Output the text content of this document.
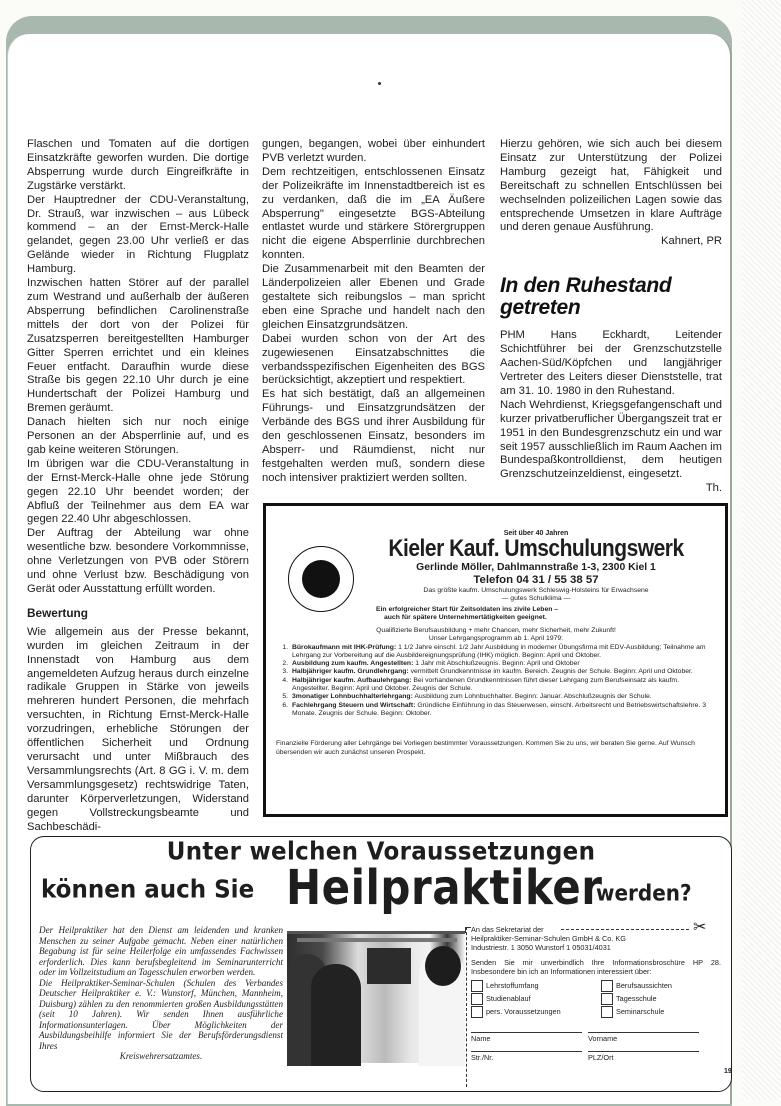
Flaschen und Tomaten auf die dortigen Einsatzkräfte geworfen wurden. Die dortige Absperrung wurde durch Eingreifkräfte in Zugstärke verstärkt.

Der Hauptredner der CDU-Veranstaltung, Dr. Strauß, war inzwischen – aus Lübeck kommend – an der Ernst-Merck-Halle gelandet, gegen 23.00 Uhr verließ er das Gelände wieder in Richtung Flugplatz Hamburg.

Inzwischen hatten Störer auf der parallel zum Westrand und außerhalb der äußeren Absperrung befindlichen Carolinenstraße mittels der dort von der Polizei für Zusatzsperren bereitgestellten Hamburger Gitter Sperren errichtet und ein kleines Feuer entfacht. Daraufhin wurde diese Straße bis gegen 22.10 Uhr durch je eine Hundertschaft der Polizei Hamburg und Bremen geräumt.

Danach hielten sich nur noch einige Personen an der Absperrlinie auf, und es gab keine weiteren Störungen.

Im übrigen war die CDU-Veranstaltung in der Ernst-Merck-Halle ohne jede Störung gegen 22.10 Uhr beendet worden; der Abfluß der Teilnehmer aus dem EA war gegen 22.40 Uhr abgeschlossen.

Der Auftrag der Abteilung war ohne wesentliche bzw. besondere Vorkommnisse, ohne Verletzungen von PVB oder Störern und ohne Verlust bzw. Beschädigung von Gerät oder Ausstattung erfüllt worden.

Bewertung

Wie allgemein aus der Presse bekannt, wurden im gleichen Zeitraum in der Innenstadt von Hamburg aus dem angemeldeten Aufzug heraus durch einzelne radikale Gruppen in Stärke von jeweils mehreren hundert Personen, die mehrfach versuchten, in Richtung Ernst-Merck-Halle vorzudringen, erhebliche Störungen der öffentlichen Sicherheit und Ordnung verursacht und unter Mißbrauch des Versammlungsrechts (Art. 8 GG i. V. m. dem Versammlungsgesetz) rechtswidrige Taten, darunter Körperverletzungen, Widerstand gegen Vollstreckungsbeamte und Sachbeschädi-

gungen, begangen, wobei über einhundert PVB verletzt wurden.

Dem rechtzeitigen, entschlossenen Einsatz der Polizeikräfte im Innenstadtbereich ist es zu verdanken, daß die im „EA Äußere Absperrung" eingesetzte BGS-Abteilung entlastet wurde und stärkere Störergruppen nicht die eigene Absperrlinie durchbrechen konnten.

Die Zusammenarbeit mit den Beamten der Länderpolizeien aller Ebenen und Grade gestaltete sich reibungslos – man spricht eben eine Sprache und handelt nach den gleichen Einsatzgrundsätzen.

Dabei wurden schon von der Art des zugewiesenen Einsatzabschnittes die verbandsspezifischen Eigenheiten des BGS berücksichtigt, akzeptiert und respektiert.

Es hat sich bestätigt, daß an allgemeinen Führungs- und Einsatzgrundsätzen der Verbände des BGS und ihrer Ausbildung für den geschlossenen Einsatz, besonders im Absperr- und Räumdienst, nicht nur festgehalten werden muß, sondern diese noch intensiver praktiziert werden sollten.

Hierzu gehören, wie sich auch bei diesem Einsatz zur Unterstützung der Polizei Hamburg gezeigt hat, Fähigkeit und Bereitschaft zu schnellen Entschlüssen bei wechselnden polizeilichen Lagen sowie das entsprechende Umsetzen in klare Aufträge und deren genaue Ausführung.

Kahnert, PR

In den Ruhestand getreten

PHM Hans Eckhardt, Leitender Schichtführer bei der Grenzschutzstelle Aachen-Süd/Köpfchen und langjähriger Vertreter des Leiters dieser Dienststelle, trat am 31. 10. 1980 in den Ruhestand.

Nach Wehrdienst, Kriegsgefangenschaft und kurzer privatberuflicher Übergangszeit trat er 1951 in den Bundesgrenzschutz ein und war seit 1957 ausschließlich im Raum Aachen im Bundespaßkontrolldienst, dem heutigen Grenzschutzeinzeldienst, eingesetzt.

Th.

Seit über 40 Jahren
Kieler Kauf. Umschulungswerk
Gerlinde Möller, Dahlmannstraße 1-3, 2300 Kiel 1
Telefon 04 31 / 55 38 57
Das größte kaufm. Umschulungswerk Schleswig-Holsteins für Erwachsene
— gutes Schulklima —
Ein erfolgreicher Start für Zeitsoldaten ins zivile Leben –
auch für spätere Unternehmertätigkeiten geeignet.
Qualifizierte Berufsausbildung + mehr Chancen, mehr Sicherheit, mehr Zukunft!
Unser Lehrgangsprogramm ab 1. April 1979:
1. Bürokaufmann mit IHK-Prüfung: 1 1/2 Jahre einschl. 1/2 Jahr Ausbildung in moderner Übungsfirma mit EDV-Ausbildung; Teilnahme am Lehrgang zur Vorbereitung auf die Ausbildereignungsprüfung (IHK) möglich. Beginn: April und Oktober.
2. Ausbildung zum kaufm. Angestellten: 1 Jahr mit Abschlußzeugnis. Beginn: April und Oktober
3. Halbjähriger kaufm. Grundlehrgang: vermittelt Grundkenntnisse im kaufm. Bereich. Zeugnis der Schule. Beginn: April und Oktober.
4. Halbjähriger kaufm. Aufbaulehrgang: Bei vorhandenen Grundkenntnissen führt dieser Lehrgang zum Berufseinsatz als kaufm. Angestellter. Beginn: April und Oktober. Zeugnis der Schule.
5. 3monatiger Lohnbuchhalterlehrgang: Ausbildung zum Lohnbuchhalter. Beginn: Januar. Abschlußzeugnis der Schule.
6. Fachlehrgang Steuern und Wirtschaft: Gründliche Einführung in das Steuerwesen, einschl. Arbeitsrecht und Betriebswirtschaftslehre. 3 Monate. Zeugnis der Schule. Beginn: Oktober.
Finanzielle Förderung aller Lehrgänge bei Vorliegen bestimmter Voraussetzungen. Kommen Sie zu uns, wir beraten Sie gerne. Auf Wunsch übersenden wir auch zunächst unseren Prospekt.
Unter welchen Voraussetzungen
können auch Sie Heilpraktiker
werden?

Der Heilpraktiker hat den Dienst am leidenden und kranken Menschen zu seiner Aufgabe gemacht. Neben einer natürlichen Begabung ist für seine Heilerfolge ein umfassendes Fachwissen erforderlich. Dies kann berufsbegleitend im Seminarunterricht oder im Vollzeitstudium an Tagesschulen erworben werden.

Die Heilpraktiker-Seminar-Schulen (Schulen des Verbandes Deutscher Heilpraktiker e. V.: Wunstorf, München, Mannheim, Duisburg) zählen zu den renommierten großen Ausbildungsstätten (seit 10 Jahren). Wir senden Ihnen ausführliche Informationsunterlagen. Über Möglichkeiten der Ausbildungsbeihilfe informiert Sie der Berufsförderungsdienst Ihres

Kreiswehrersatzamtes.

✂

An das Sekretariat der

Heilpraktiker-Seminar-Schulen GmbH & Co. KG

Industriestr. 1 3050 Wunstorf 1 05031/4031

Senden Sie mir unverbindlich Ihre Informationsbroschüre HP 28. Insbesondere bin ich an Informationen interessiert über:

Lehrstoffumfang	Berufsaussichten
Studienablauf	Tagesschule
pers. Voraussetzungen	Seminarschule
Name	Vorname
Str./Nr.	PLZ/Ort
19
